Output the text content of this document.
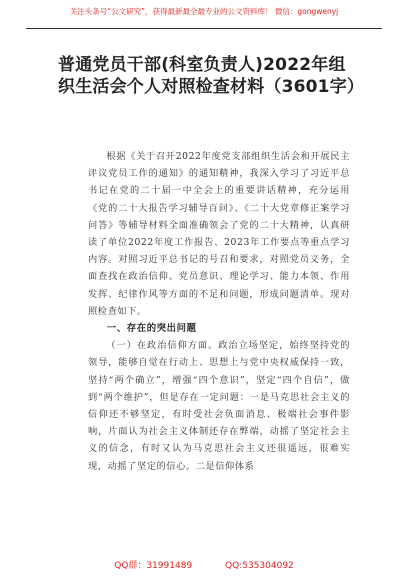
关注头条号“公文研究”，获得最新最全最专业的公文资料库！ 微信：gongwenyj
普通党员干部(科室负责人)2022年组织生活会个人对照检查材料（3601字）

根据《关于召开2022年度党支部组织生活会和开展民主评议党员工作的通知》的通知精神，我深入学习了习近平总书记在党的二十届一中全会上的重要讲话精神，充分运用《党的二十大报告学习辅导百问》、《二十大党章修正案学习问答》等辅导材料全面准确领会了党的二十大精神，认真研读了单位2022年度工作报告、2023年工作要点等重点学习内容。对照习近平总书记的号召和要求，对照党员义务，全面查找在政治信仰、党员意识、理论学习、能力本领、作用发挥、纪律作风等方面的不足和问题，形成问题清单。现对照检查如下。

一、存在的突出问题

（一）在政治信仰方面。政治立场坚定，始终坚持党的领导，能够自觉在行动上、思想上与党中央权威保持一致，坚持“两个确立”，增强“四个意识”，坚定“四个自信”，做到“两个维护”，但是存在一定问题：一是马克思社会主义的信仰还不够坚定，有时受社会负面消息、极端社会事件影响，片面认为社会主义体制还存在弊端，动摇了坚定社会主义的信念，有时又认为马克思社会主义还很遥远，很难实现，动摇了坚定的信心。二是信仰体系

QQ群：31991489	QQ:535304092
